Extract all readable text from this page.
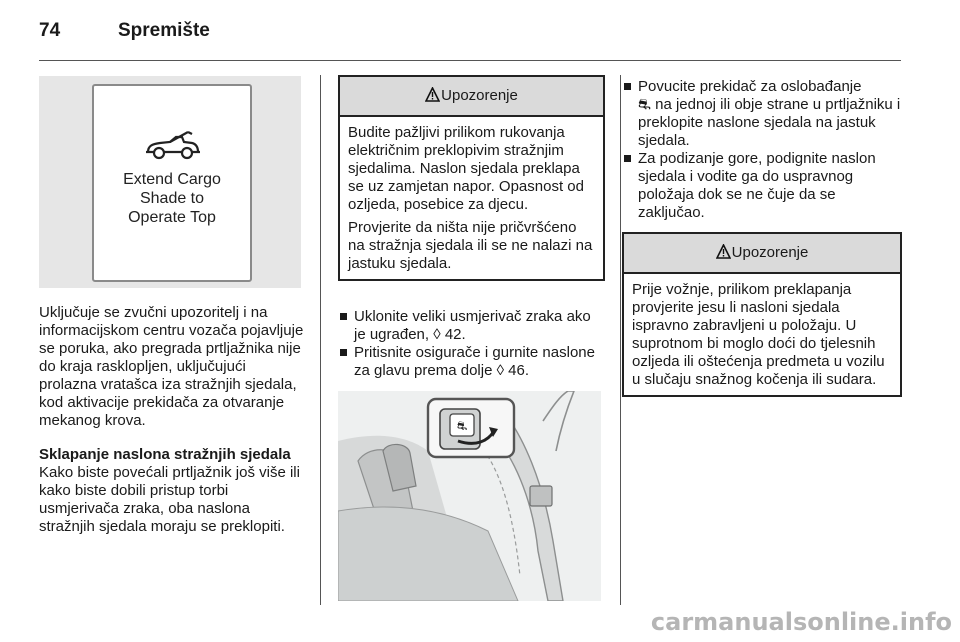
74	Spremište
Extend Cargo
Shade to
Operate Top

Uključuje se zvučni upozoritelj i na informacijskom centru vozača pojavljuje se poruka, ako pregrada prtljažnika nije do kraja rasklopljen, uključujući prolazna vratašca iza stražnjih sjedala, kod aktivacije prekidača za otvaranje mekanog krova.

Sklapanje naslona stražnjih sjedala

Kako biste povećali prtljažnik još više ili kako biste dobili pristup torbi usmjerivača zraka, oba naslona stražnjih sjedala moraju se preklopiti.

Upozorenje

Budite pažljivi prilikom rukovanja električnim preklopivim stražnjim sjedalima. Naslon sjedala preklapa se uz zamjetan napor. Opasnost od ozljeda, posebice za djecu.

Provjerite da ništa nije pričvršćeno na stražnja sjedala ili se ne nalazi na jastuku sjedala.

Uklonite veliki usmjerivač zraka ako je ugrađen, ◊ 42.

Pritisnite osigurače i gurnite naslone za glavu prema dolje ◊ 46.

⛐

Povucite prekidač za oslobađanje
⛐ na jednoj ili obje strane u prtljažniku i preklopite naslone sjedala na jastuk sjedala.

Za podizanje gore, podignite naslon sjedala i vodite ga do uspravnog položaja dok se ne čuje da se zaključao.

Upozorenje

Prije vožnje, prilikom preklapanja provjerite jesu li nasloni sjedala ispravno zabravljeni u položaju. U suprotnom bi moglo doći do tjelesnih ozljeda ili oštećenja predmeta u vozilu u slučaju snažnog kočenja ili sudara.

carmanualsonline.info
